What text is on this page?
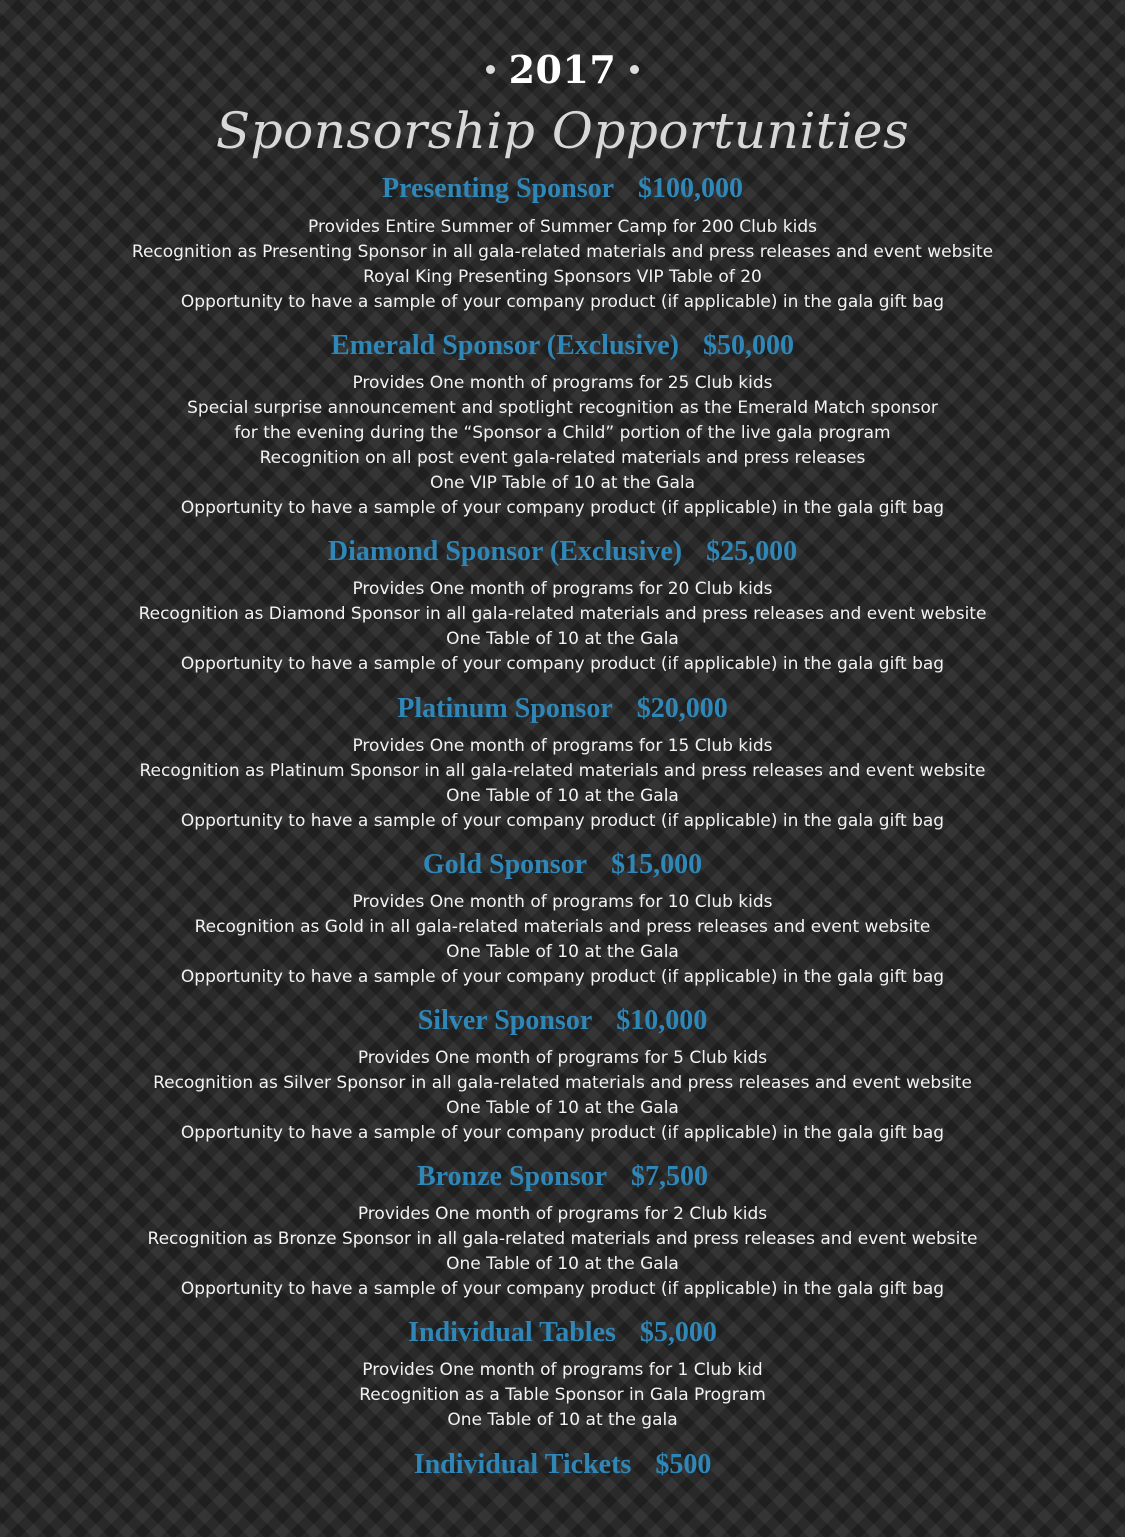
2017
Sponsorship Opportunities
Presenting Sponsor $100,000
Provides Entire Summer of Summer Camp for 200 Club kids
Recognition as Presenting Sponsor in all gala-related materials and press releases and event website
Royal King Presenting Sponsors VIP Table of 20
Opportunity to have a sample of your company product (if applicable) in the gala gift bag
Emerald Sponsor (Exclusive) $50,000
Provides One month of programs for 25 Club kids
Special surprise announcement and spotlight recognition as the Emerald Match sponsor
for the evening during the “Sponsor a Child” portion of the live gala program
Recognition on all post event gala-related materials and press releases
One VIP Table of 10 at the Gala
Opportunity to have a sample of your company product (if applicable) in the gala gift bag
Diamond Sponsor (Exclusive) $25,000
Provides One month of programs for 20 Club kids
Recognition as Diamond Sponsor in all gala-related materials and press releases and event website
One Table of 10 at the Gala
Opportunity to have a sample of your company product (if applicable) in the gala gift bag
Platinum Sponsor $20,000
Provides One month of programs for 15 Club kids
Recognition as Platinum Sponsor in all gala-related materials and press releases and event website
One Table of 10 at the Gala
Opportunity to have a sample of your company product (if applicable) in the gala gift bag
Gold Sponsor $15,000
Provides One month of programs for 10 Club kids
Recognition as Gold in all gala-related materials and press releases and event website
One Table of 10 at the Gala
Opportunity to have a sample of your company product (if applicable) in the gala gift bag
Silver Sponsor $10,000
Provides One month of programs for 5 Club kids
Recognition as Silver Sponsor in all gala-related materials and press releases and event website
One Table of 10 at the Gala
Opportunity to have a sample of your company product (if applicable) in the gala gift bag
Bronze Sponsor $7,500
Provides One month of programs for 2 Club kids
Recognition as Bronze Sponsor in all gala-related materials and press releases and event website
One Table of 10 at the Gala
Opportunity to have a sample of your company product (if applicable) in the gala gift bag
Individual Tables $5,000
Provides One month of programs for 1 Club kid
Recognition as a Table Sponsor in Gala Program
One Table of 10 at the gala
Individual Tickets $500
